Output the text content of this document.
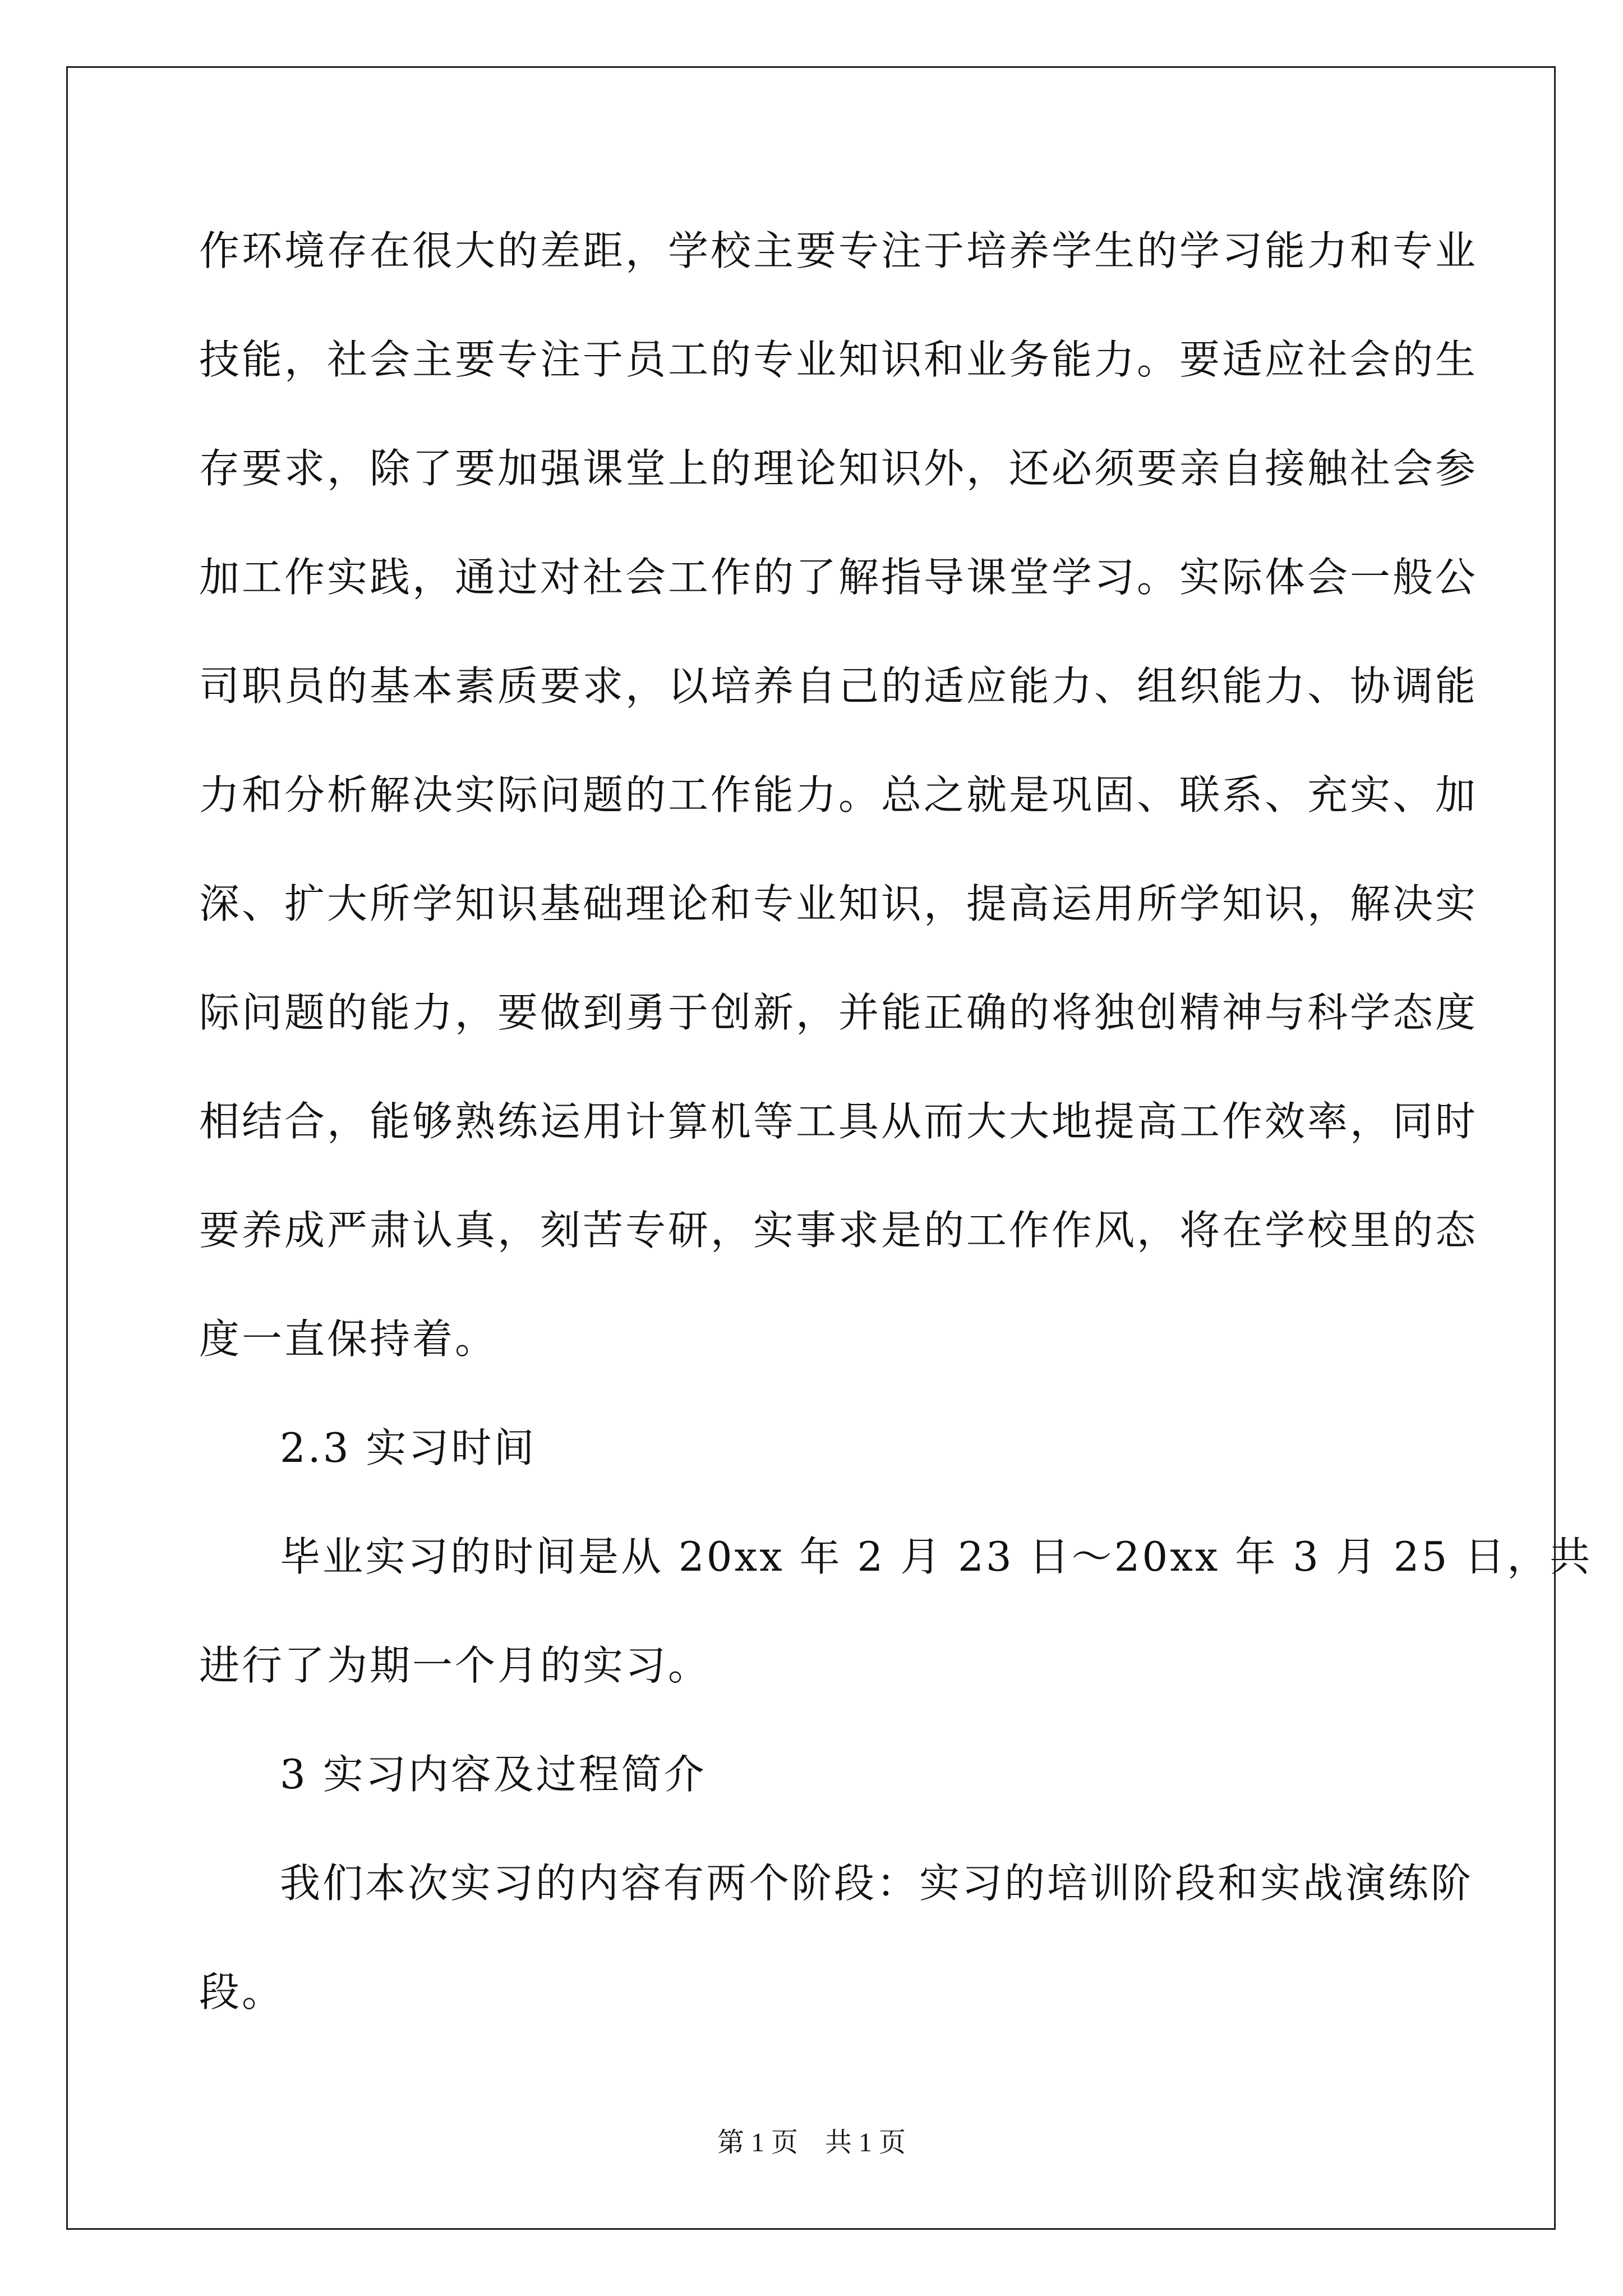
作环境存在很大的差距，学校主要专注于培养学生的学习能力和专业
技能，社会主要专注于员工的专业知识和业务能力。要适应社会的生
存要求，除了要加强课堂上的理论知识外，还必须要亲自接触社会参
加工作实践，通过对社会工作的了解指导课堂学习。实际体会一般公
司职员的基本素质要求，以培养自己的适应能力、组织能力、协调能
力和分析解决实际问题的工作能力。总之就是巩固、联系、充实、加
深、扩大所学知识基础理论和专业知识，提高运用所学知识，解决实
际问题的能力，要做到勇于创新，并能正确的将独创精神与科学态度
相结合，能够熟练运用计算机等工具从而大大地提高工作效率，同时
要养成严肃认真，刻苦专研，实事求是的工作作风，将在学校里的态
度一直保持着。
2.3 实习时间
毕业实习的时间是从 20xx 年 2 月 23 日～20xx 年 3 月 25 日，共
进行了为期一个月的实习。
3 实习内容及过程简介
我们本次实习的内容有两个阶段：实习的培训阶段和实战演练阶
段。
第 1 页　共 1 页
